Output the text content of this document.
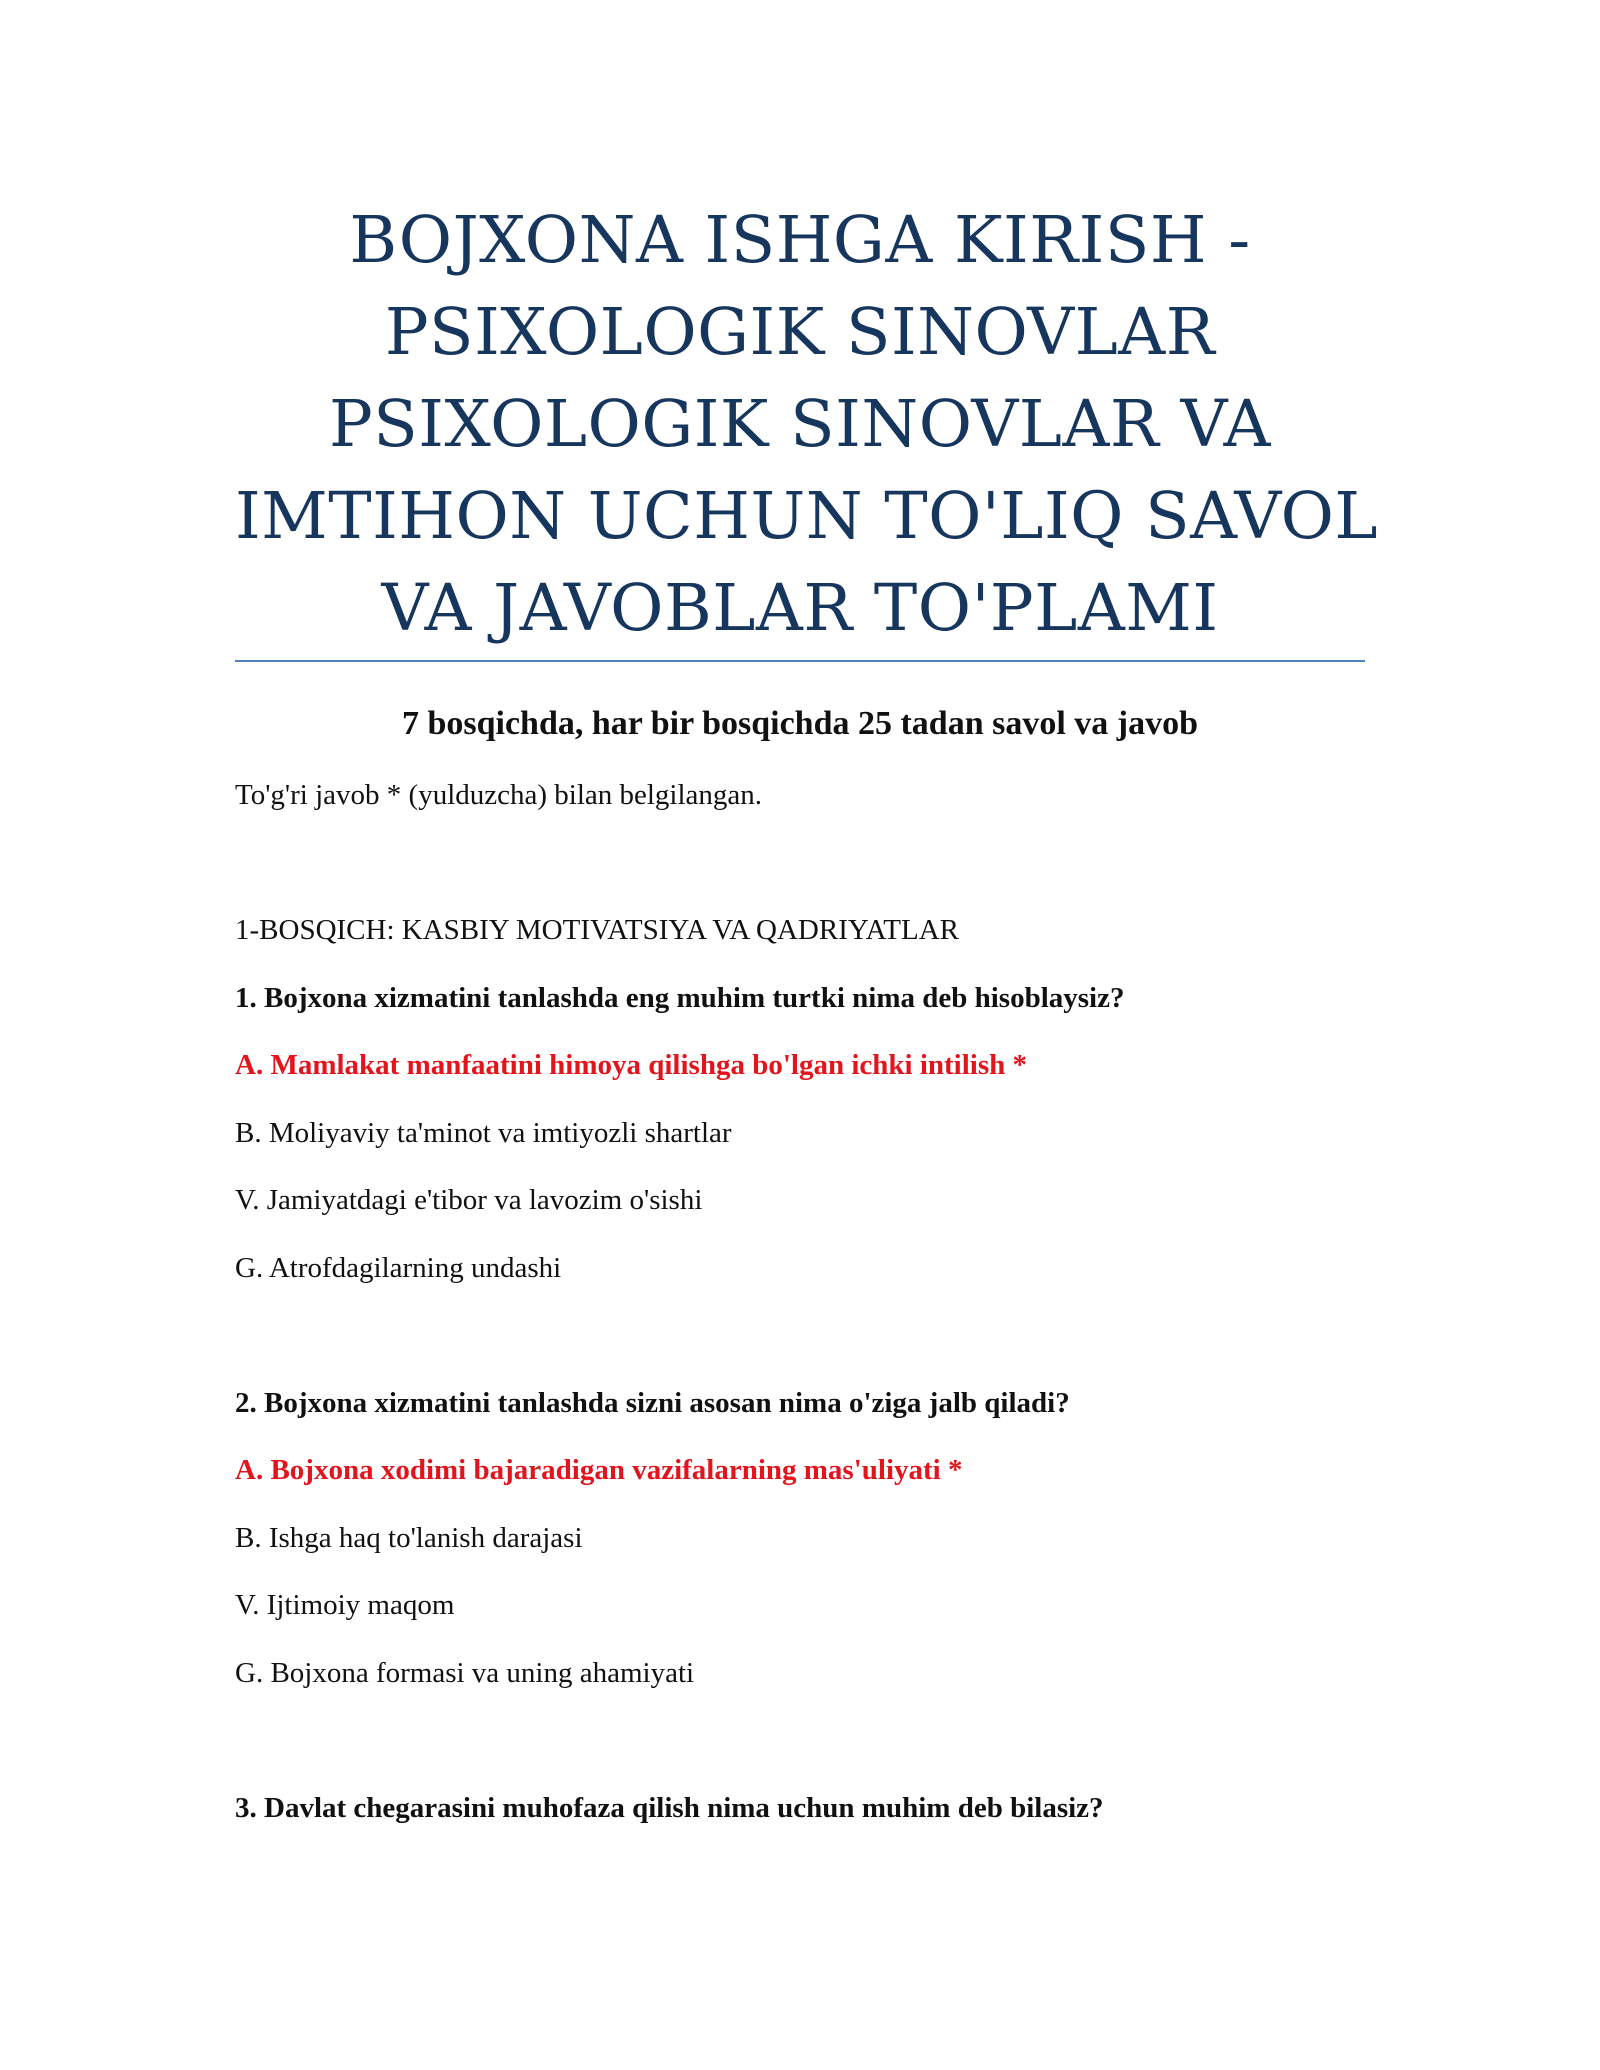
BOJXONA ISHGA KIRISH -
PSIXOLOGIK SINOVLAR
PSIXOLOGIK SINOVLAR VA
IMTIHON UCHUN TO'LIQ SAVOL
VA JAVOBLAR TO'PLAMI
7 bosqichda, har bir bosqichda 25 tadan savol va javob

To'g'ri javob * (yulduzcha) bilan belgilangan.

1-BOSQICH: KASBIY MOTIVATSIYA VA QADRIYATLAR

1. Bojxona xizmatini tanlashda eng muhim turtki nima deb hisoblaysiz?

A. Mamlakat manfaatini himoya qilishga bo'lgan ichki intilish *

B. Moliyaviy ta'minot va imtiyozli shartlar

V. Jamiyatdagi e'tibor va lavozim o'sishi

G. Atrofdagilarning undashi

2. Bojxona xizmatini tanlashda sizni asosan nima o'ziga jalb qiladi?

A. Bojxona xodimi bajaradigan vazifalarning mas'uliyati *

B. Ishga haq to'lanish darajasi

V. Ijtimoiy maqom

G. Bojxona formasi va uning ahamiyati

3. Davlat chegarasini muhofaza qilish nima uchun muhim deb bilasiz?
